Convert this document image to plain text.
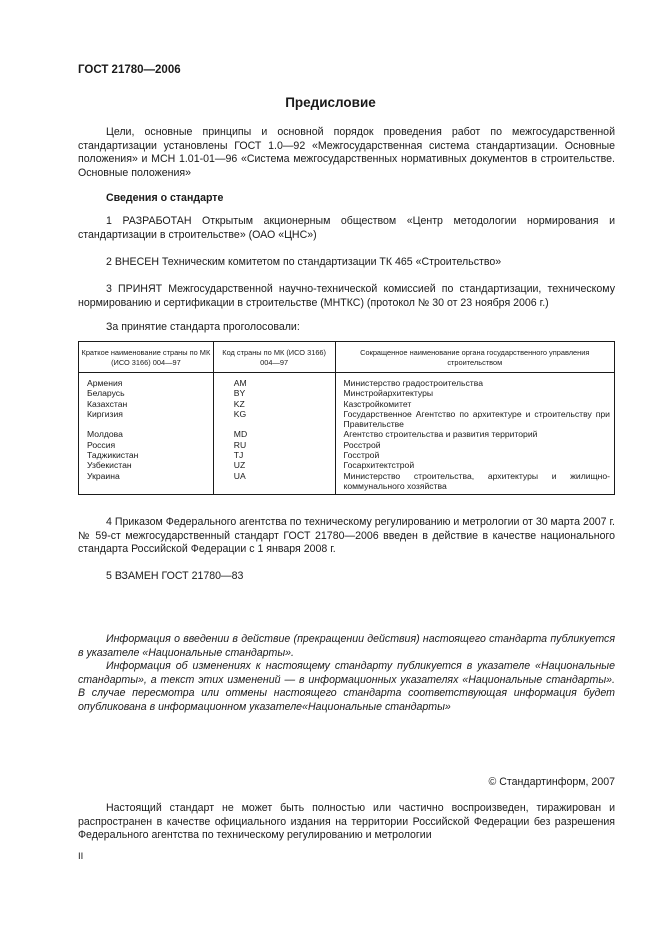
ГОСТ 21780—2006
Предисловие
Цели, основные принципы и основной порядок проведения работ по межгосударственной стандартизации установлены ГОСТ 1.0—92 «Межгосударственная система стандартизации. Основные положения» и МСН 1.01-01—96 «Система межгосударственных нормативных документов в строительстве. Основные положения»
Сведения о стандарте
1 РАЗРАБОТАН Открытым акционерным обществом «Центр методологии нормирования и стандартизации в строительстве» (ОАО «ЦНС»)
2 ВНЕСЕН Техническим комитетом по стандартизации ТК 465 «Строительство»
3 ПРИНЯТ Межгосударственной научно-технической комиссией по стандартизации, техническому нормированию и сертификации в строительстве (МНТКС) (протокол № 30 от 23 ноября 2006 г.)
За принятие стандарта проголосовали:
Краткое наименование страны по МК (ИСО 3166) 004—97	Код страны по МК (ИСО 3166) 004—97	Сокращенное наименование органа государственного управления строительством
Армения	AM	Министерство градостроительства
Беларусь	BY	Минстройархитектуры
Казахстан	KZ	Казстройкомитет
Киргизия	KG	Государственное Агентство по архитектуре и строительству при Правительстве
Молдова	MD	Агентство строительства и развития территорий
Россия	RU	Росстрой
Таджикистан	TJ	Госстрой
Узбекистан	UZ	Госархитектстрой
Украина	UA	Министерство строительства, архитектуры и жилищно-коммунального хозяйства
4 Приказом Федерального агентства по техническому регулированию и метрологии от 30 марта 2007 г. № 59-ст межгосударственный стандарт ГОСТ 21780—2006 введен в действие в качестве национального стандарта Российской Федерации с 1 января 2008 г.
5 ВЗАМЕН ГОСТ 21780—83
Информация о введении в действие (прекращении действия) настоящего стандарта публикуется в указателе «Национальные стандарты».
Информация об изменениях к настоящему стандарту публикуется в указателе «Национальные стандарты», а текст этих изменений — в информационных указателях «Национальные стандарты». В случае пересмотра или отмены настоящего стандарта соответствующая информация будет опубликована в информационном указателе«Национальные стандарты»
© Стандартинформ, 2007
Настоящий стандарт не может быть полностью или частично воспроизведен, тиражирован и распространен в качестве официального издания на территории Российской Федерации без разрешения Федерального агентства по техническому регулированию и метрологии
II
